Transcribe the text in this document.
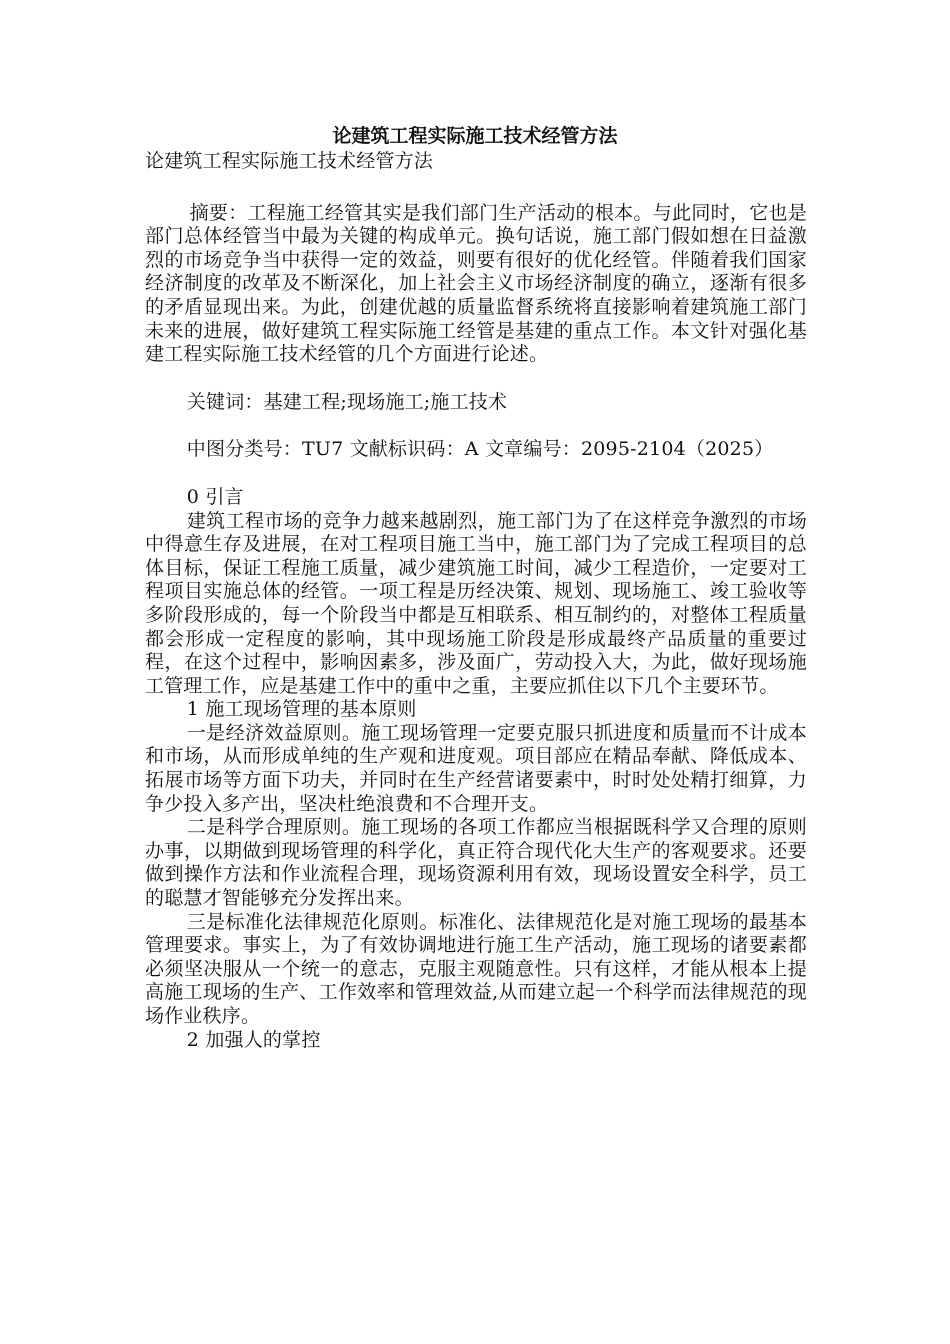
论建筑工程实际施工技术经管方法

论建筑工程实际施工技术经管方法

摘要：工程施工经管其实是我们部门生产活动的根本。与此同时，它也是部门总体经管当中最为关键的构成单元。换句话说，施工部门假如想在日益激烈的市场竞争当中获得一定的效益，则要有很好的优化经管。伴随着我们国家经济制度的改革及不断深化，加上社会主义市场经济制度的确立，逐渐有很多的矛盾显现出来。为此，创建优越的质量监督系统将直接影响着建筑施工部门未来的进展，做好建筑工程实际施工经管是基建的重点工作。本文针对强化基建工程实际施工技术经管的几个方面进行论述。

关键词：基建工程;现场施工;施工技术

中图分类号：TU7 文献标识码：A 文章编号：2095-2104（2025）

0 引言

建筑工程市场的竞争力越来越剧烈，施工部门为了在这样竞争激烈的市场中得意生存及进展，在对工程项目施工当中，施工部门为了完成工程项目的总体目标，保证工程施工质量，减少建筑施工时间，减少工程造价，一定要对工程项目实施总体的经管。一项工程是历经决策、规划、现场施工、竣工验收等多阶段形成的，每一个阶段当中都是互相联系、相互制约的，对整体工程质量都会形成一定程度的影响，其中现场施工阶段是形成最终产品质量的重要过程，在这个过程中，影响因素多，涉及面广，劳动投入大，为此，做好现场施工管理工作，应是基建工作中的重中之重，主要应抓住以下几个主要环节。

1 施工现场管理的基本原则

一是经济效益原则。施工现场管理一定要克服只抓进度和质量而不计成本和市场，从而形成单纯的生产观和进度观。项目部应在精品奉献、降低成本、拓展市场等方面下功夫，并同时在生产经营诸要素中，时时处处精打细算，力争少投入多产出，坚决杜绝浪费和不合理开支。

二是科学合理原则。施工现场的各项工作都应当根据既科学又合理的原则办事，以期做到现场管理的科学化，真正符合现代化大生产的客观要求。还要做到操作方法和作业流程合理，现场资源利用有效，现场设置安全科学，员工的聪慧才智能够充分发挥出来。

三是标准化法律规范化原则。标准化、法律规范化是对施工现场的最基本管理要求。事实上，为了有效协调地进行施工生产活动，施工现场的诸要素都必须坚决服从一个统一的意志，克服主观随意性。只有这样，才能从根本上提高施工现场的生产、工作效率和管理效益,从而建立起一个科学而法律规范的现场作业秩序。

2 加强人的掌控
